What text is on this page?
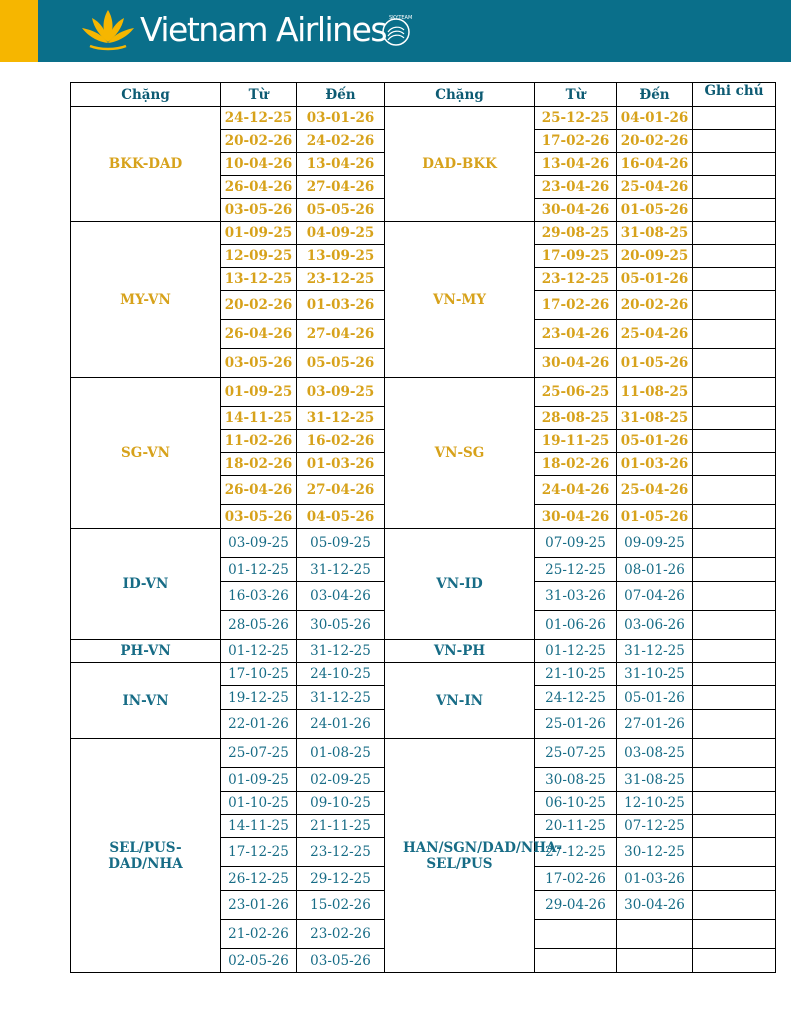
Vietnam Airlines SKYTEAM
Chặng	Từ	Đến	Chặng	Từ	Đến	Ghi chú
BKK-DAD	24-12-25	03-01-26	DAD-BKK	25-12-25	04-01-26	
	20-02-26	24-02-26		17-02-26	20-02-26	
	10-04-26	13-04-26		13-04-26	16-04-26	
	26-04-26	27-04-26		23-04-26	25-04-26	
	03-05-26	05-05-26		30-04-26	01-05-26	
MY-VN	01-09-25	04-09-25	VN-MY	29-08-25	31-08-25	
	12-09-25	13-09-25		17-09-25	20-09-25	
	13-12-25	23-12-25		23-12-25	05-01-26	
	20-02-26	01-03-26		17-02-26	20-02-26	
	26-04-26	27-04-26		23-04-26	25-04-26	
	03-05-26	05-05-26		30-04-26	01-05-26	
SG-VN	01-09-25	03-09-25	VN-SG	25-06-25	11-08-25	
	14-11-25	31-12-25		28-08-25	31-08-25	
	11-02-26	16-02-26		19-11-25	05-01-26	
	18-02-26	01-03-26		18-02-26	01-03-26	
	26-04-26	27-04-26		24-04-26	25-04-26	
	03-05-26	04-05-26		30-04-26	01-05-26	
ID-VN	03-09-25	05-09-25	VN-ID	07-09-25	09-09-25	
	01-12-25	31-12-25		25-12-25	08-01-26	
	16-03-26	03-04-26		31-03-26	07-04-26	
	28-05-26	30-05-26		01-06-26	03-06-26	
PH-VN	01-12-25	31-12-25	VN-PH	01-12-25	31-12-25	
IN-VN	17-10-25	24-10-25	VN-IN	21-10-25	31-10-25	
	19-12-25	31-12-25		24-12-25	05-01-26	
	22-01-26	24-01-26		25-01-26	27-01-26	
SEL/PUS-DAD/NHA	25-07-25	01-08-25	HAN/SGN/DAD/NHA-SEL/PUS	25-07-25	03-08-25	
	01-09-25	02-09-25		30-08-25	31-08-25	
	01-10-25	09-10-25		06-10-25	12-10-25	
	14-11-25	21-11-25		20-11-25	07-12-25	
	17-12-25	23-12-25		27-12-25	30-12-25	
	26-12-25	29-12-25		17-02-26	01-03-26	
	23-01-26	15-02-26		29-04-26	30-04-26	
	21-02-26	23-02-26				
	02-05-26	03-05-26				
